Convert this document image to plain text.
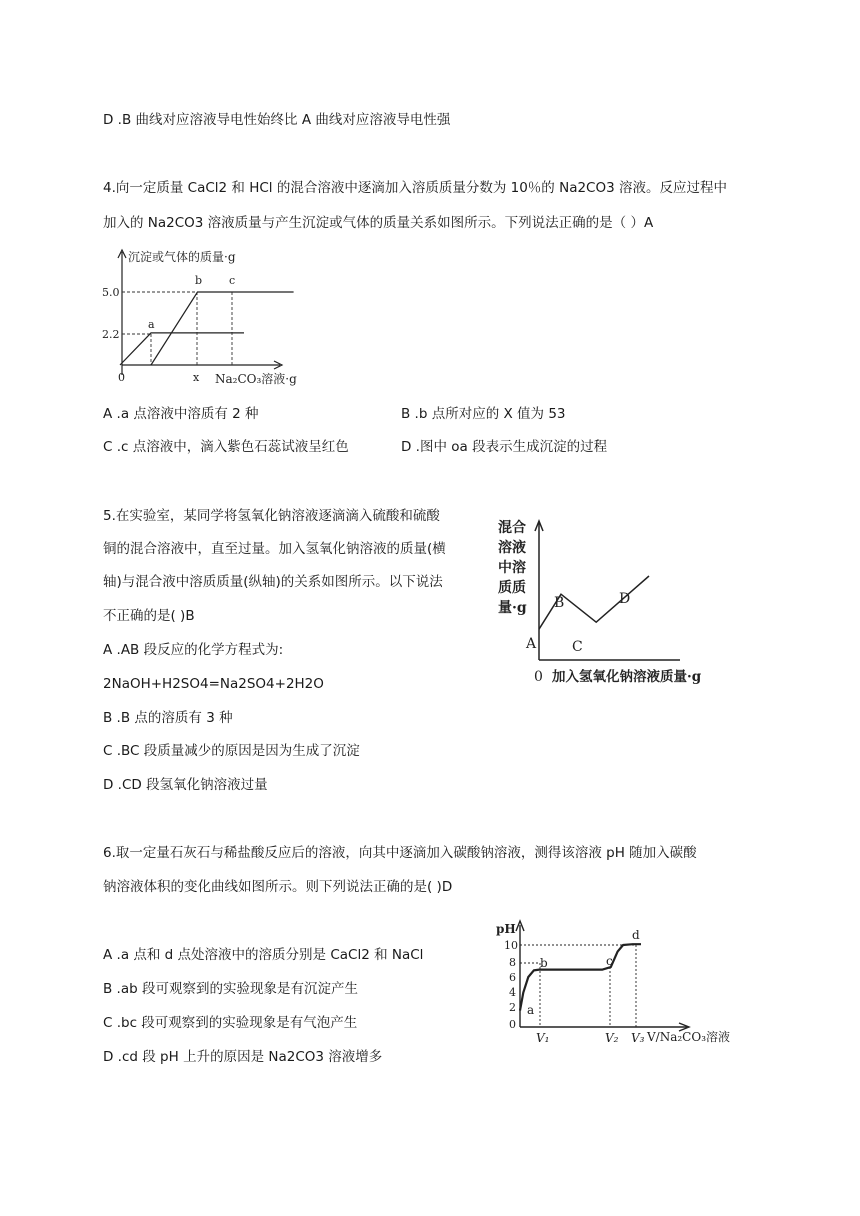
D .B 曲线对应溶液导电性始终比 A 曲线对应溶液导电性强
4.向一定质量 CaCl2 和 HCl 的混合溶液中逐滴加入溶质质量分数为 10％的 Na2CO3 溶液。反应过程中
加入的 Na2CO3 溶液质量与产生沉淀或气体的质量关系如图所示。下列说法正确的是（ ）A
沉淀或气体的质量·g
5.0
2.2
0	x Na₂CO₃溶液·g
a
b c
A .a 点溶液中溶质有 2 种	B .b 点所对应的 X 值为 53
C .c 点溶液中，滴入紫色石蕊试液呈红色	D .图中 oa 段表示生成沉淀的过程
5.在实验室，某同学将氢氧化钠溶液逐滴滴入硫酸和硫酸
铜的混合溶液中，直至过量。加入氢氧化钠溶液的质量(横
轴)与混合液中溶质质量(纵轴)的关系如图所示。以下说法
不正确的是( )B
A .AB 段反应的化学方程式为:
2NaOH+H2SO4=Na2SO4+2H2O
B .B 点的溶质有 3 种
C .BC 段质量减少的原因是因为生成了沉淀
D .CD 段氢氧化钠溶液过量
混合
溶液
中溶
质质
量·g
A
B
C
D
0 加入氢氧化钠溶液质量·g
6.取一定量石灰石与稀盐酸反应后的溶液，向其中逐滴加入碳酸钠溶液，测得该溶液 pH 随加入碳酸
钠溶液体积的变化曲线如图所示。则下列说法正确的是( )D
A .a 点和 d 点处溶液中的溶质分别是 CaCl2 和 NaCl
B .ab 段可观察到的实验现象是有沉淀产生
C .bc 段可观察到的实验现象是有气泡产生
D .cd 段 pH 上升的原因是 Na2CO3 溶液增多
pH
10
8
6
4
2
0
a
b	c
d
V₁	V₂ V₃ V/Na₂CO₃溶液
